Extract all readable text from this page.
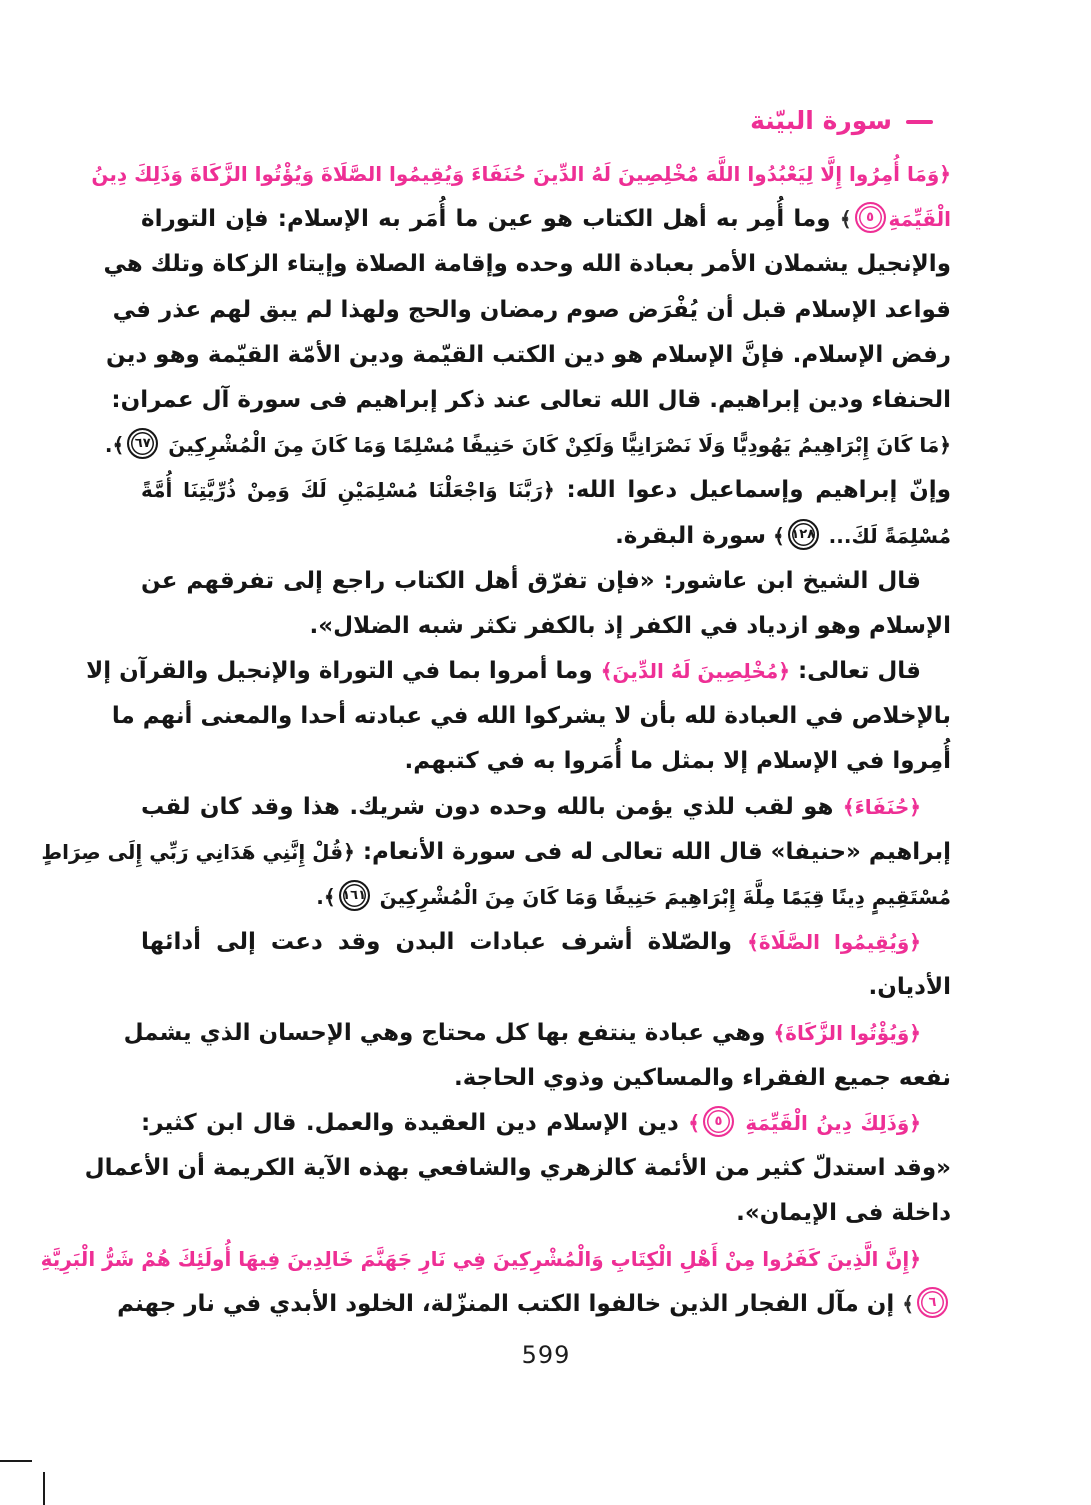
سورة البيّنة
﴿وَمَا أُمِرُوا إِلَّا لِيَعْبُدُوا اللَّهَ مُخْلِصِينَ لَهُ الدِّينَ حُنَفَاءَ وَيُقِيمُوا الصَّلَاةَ وَيُؤْتُوا الزَّكَاةَ وَذَلِكَ دِينُ
الْقَيِّمَةِ٥﴾ وما أُمِر به أهل الكتاب هو عين ما أُمَر به الإسلام: فإن التوراة
والإنجيل يشملان الأمر بعبادة الله وحده وإقامة الصلاة وإيتاء الزكاة وتلك هي
قواعد الإسلام قبل أن يُفْرَض صوم رمضان والحج ولهذا لم يبق لهم عذر في
رفض الإسلام. فإنَّ الإسلام هو دين الكتب القيّمة ودين الأمّة القيّمة وهو دين
الحنفاء ودين إبراهيم. قال الله تعالى عند ذكر إبراهيم فى سورة آل عمران:
﴿مَا كَانَ إِبْرَاهِيمُ يَهُودِيًّا وَلَا نَصْرَانِيًّا وَلَكِنْ كَانَ حَنِيفًا مُسْلِمًا وَمَا كَانَ مِنَ الْمُشْرِكِينَ ٦٧﴾.
وإنّ إبراهيم وإسماعيل دعوا الله: ﴿رَبَّنَا وَاجْعَلْنَا مُسْلِمَيْنِ لَكَ وَمِنْ ذُرِّيَّتِنَا أُمَّةً
مُسْلِمَةً لَكَ... ١٢٨﴾ سورة البقرة.
قال الشيخ ابن عاشور: «فإن تفرّق أهل الكتاب راجع إلى تفرقهم عن
الإسلام وهو ازدياد في الكفر إذ بالكفر تكثر شبه الضلال».
قال تعالى: ﴿مُخْلِصِينَ لَهُ الدِّينَ﴾ وما أمروا بما في التوراة والإنجيل والقرآن إلا
بالإخلاص في العبادة لله بأن لا يشركوا الله في عبادته أحدا والمعنى أنهم ما
أُمِروا في الإسلام إلا بمثل ما أُمَروا به في كتبهم.
﴿حُنَفَاءَ﴾ هو لقب للذي يؤمن بالله وحده دون شريك. هذا وقد كان لقب
إبراهيم «حنيفا» قال الله تعالى له فى سورة الأنعام: ﴿قُلْ إِنَّنِي هَدَانِي رَبِّي إِلَى صِرَاطٍ
مُسْتَقِيمٍ دِينًا قِيَمًا مِلَّةَ إِبْرَاهِيمَ حَنِيفًا وَمَا كَانَ مِنَ الْمُشْرِكِينَ ١٦١﴾.
﴿وَيُقِيمُوا الصَّلَاةَ﴾ والصّلاة أشرف عبادات البدن وقد دعت إلى أدائها
الأديان.
﴿وَيُؤْتُوا الزَّكَاةَ﴾ وهي عبادة ينتفع بها كل محتاج وهي الإحسان الذي يشمل
نفعه جميع الفقراء والمساكين وذوي الحاجة.
﴿وَذَلِكَ دِينُ الْقَيِّمَةِ ٥﴾ دين الإسلام دين العقيدة والعمل. قال ابن كثير:
«وقد استدلّ كثير من الأئمة كالزهري والشافعي بهذه الآية الكريمة أن الأعمال
داخلة فى الإيمان».
﴿إِنَّ الَّذِينَ كَفَرُوا مِنْ أَهْلِ الْكِتَابِ وَالْمُشْرِكِينَ فِي نَارِ جَهَنَّمَ خَالِدِينَ فِيهَا أُولَئِكَ هُمْ شَرُّ الْبَرِيَّةِ
٦﴾ إن مآل الفجار الذين خالفوا الكتب المنزّلة، الخلود الأبدي في نار جهنم
599
